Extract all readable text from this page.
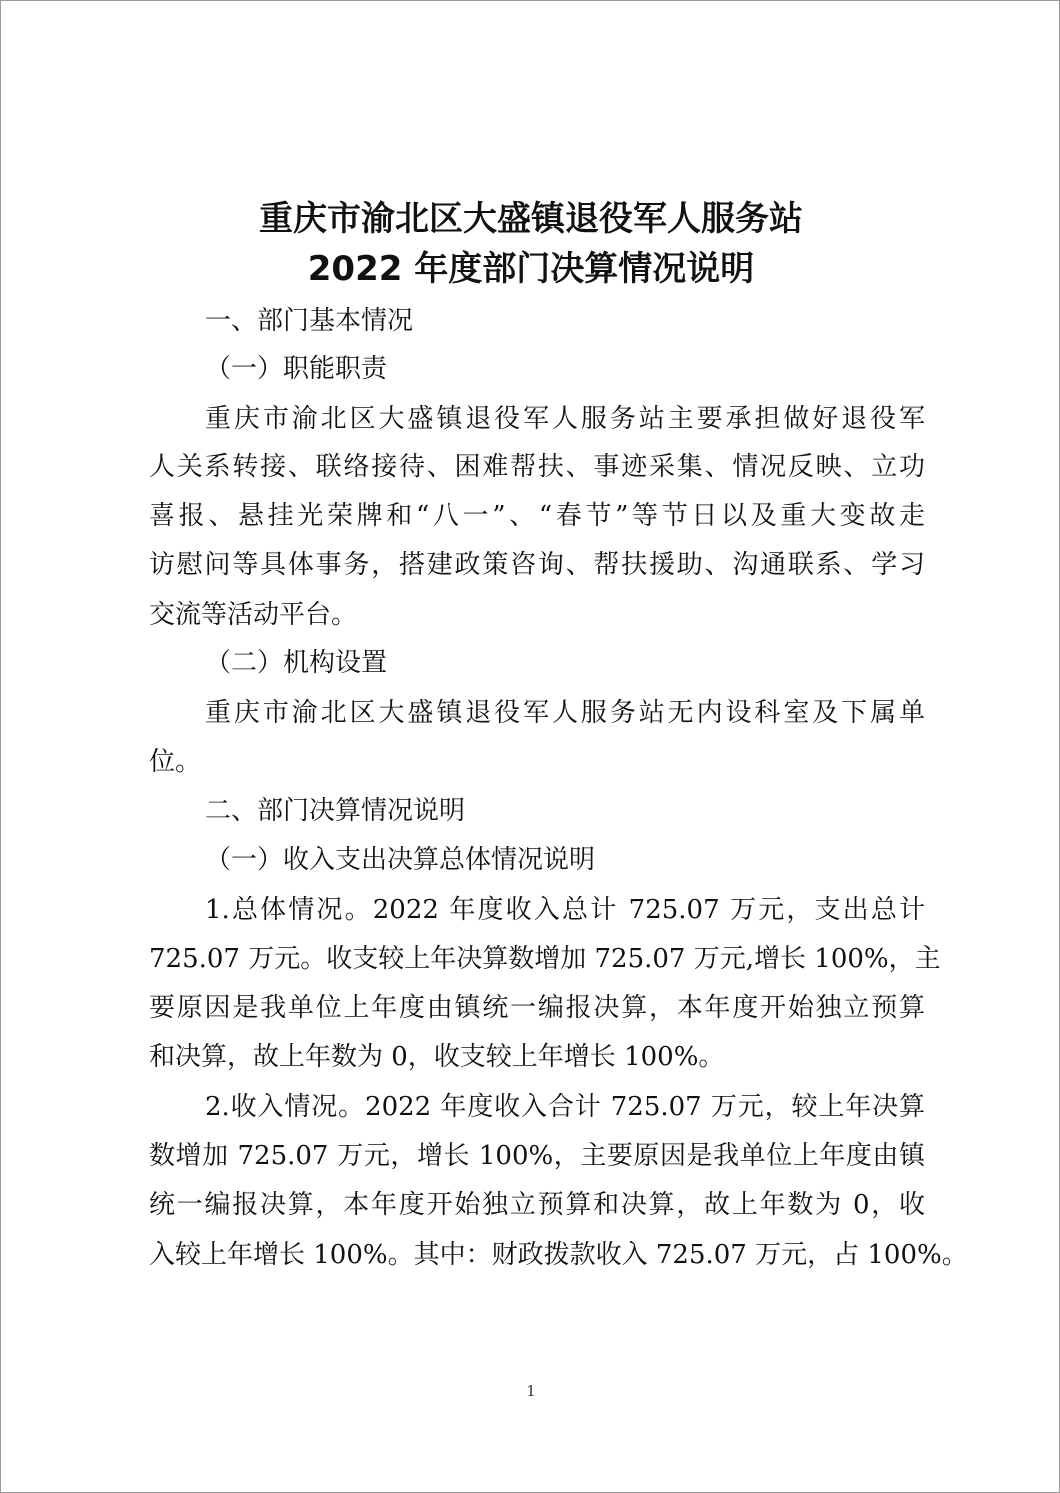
重庆市渝北区大盛镇退役军人服务站
2022 年度部门决算情况说明
一、部门基本情况
（一）职能职责
重庆市渝北区大盛镇退役军人服务站主要承担做好退役军
人关系转接、联络接待、困难帮扶、事迹采集、情况反映、立功
喜报、悬挂光荣牌和“八一”、“春节”等节日以及重大变故走
访慰问等具体事务，搭建政策咨询、帮扶援助、沟通联系、学习
交流等活动平台。
（二）机构设置
重庆市渝北区大盛镇退役军人服务站无内设科室及下属单
位。
二、部门决算情况说明
（一）收入支出决算总体情况说明
1.总体情况。2022 年度收入总计 725.07 万元，支出总计
725.07 万元。收支较上年决算数增加 725.07 万元,增长 100%，主
要原因是我单位上年度由镇统一编报决算，本年度开始独立预算
和决算，故上年数为 0，收支较上年增长 100%。
2.收入情况。2022 年度收入合计 725.07 万元，较上年决算
数增加 725.07 万元，增长 100%，主要原因是我单位上年度由镇
统一编报决算，本年度开始独立预算和决算，故上年数为 0，收
入较上年增长 100%。其中：财政拨款收入 725.07 万元，占 100%。
1
